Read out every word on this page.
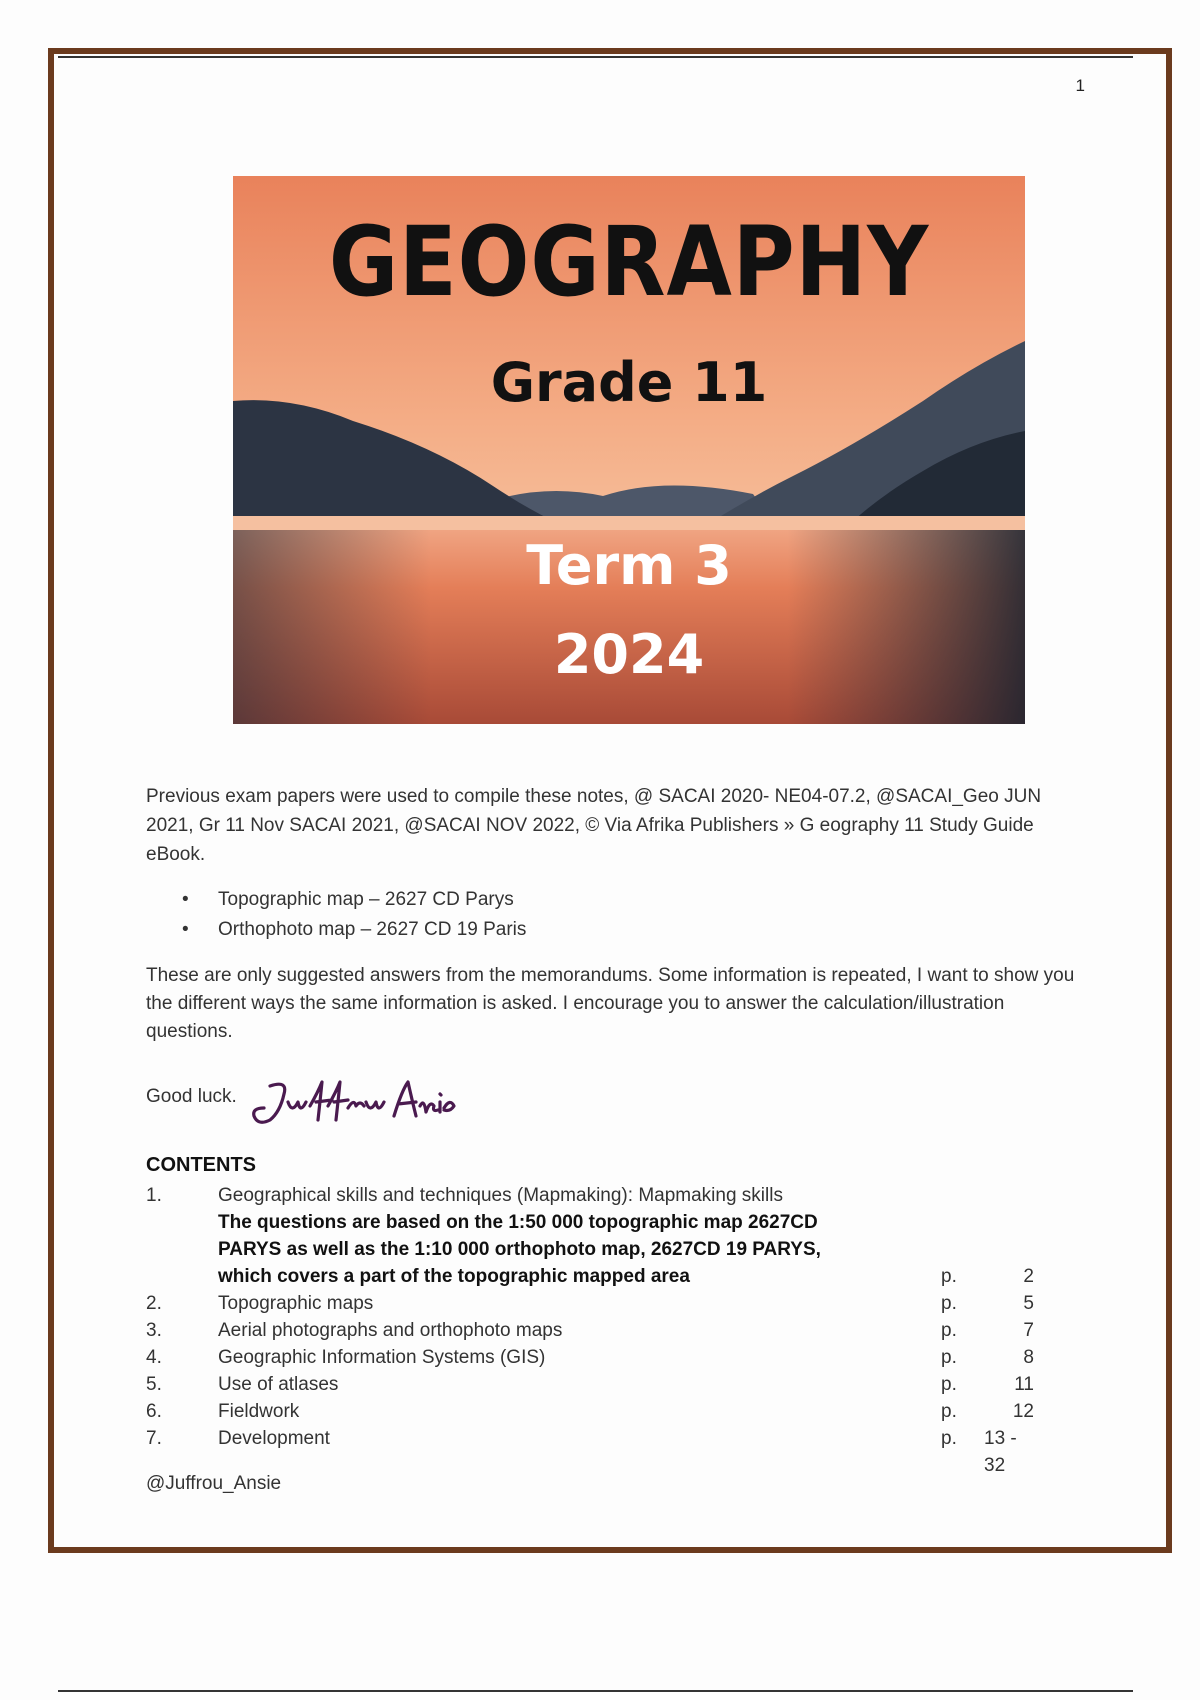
1
GEOGRAPHY
Grade 11
Term 3
2024
Previous exam papers were used to compile these notes, @ SACAI 2020- NE04-07.2, @SACAI_Geo JUN 2021, Gr 11 Nov SACAI 2021, @SACAI NOV 2022, © Via Afrika Publishers » G eography 11 Study Guide eBook.
• Topographic map – 2627 CD Parys
• Orthophoto map – 2627 CD 19 Paris
These are only suggested answers from the memorandums. Some information is repeated, I want to show you the different ways the same information is asked. I encourage you to answer the calculation/illustration questions.
Good luck.
CONTENTS
1.	Geographical skills and techniques (Mapmaking): Mapmaking skills
The questions are based on the 1:50 000 topographic map 2627CD
PARYS as well as the 1:10 000 orthophoto map, 2627CD 19 PARYS,
which covers a part of the topographic mapped area	p.	2
2.	Topographic maps	p.	5
3.	Aerial photographs and orthophoto maps	p.	7
4.	Geographic Information Systems (GIS)	p.	8
5.	Use of atlases	p.	11
6.	Fieldwork	p.	12
7.	Development	p. 13 - 32
@Juffrou_Ansie
